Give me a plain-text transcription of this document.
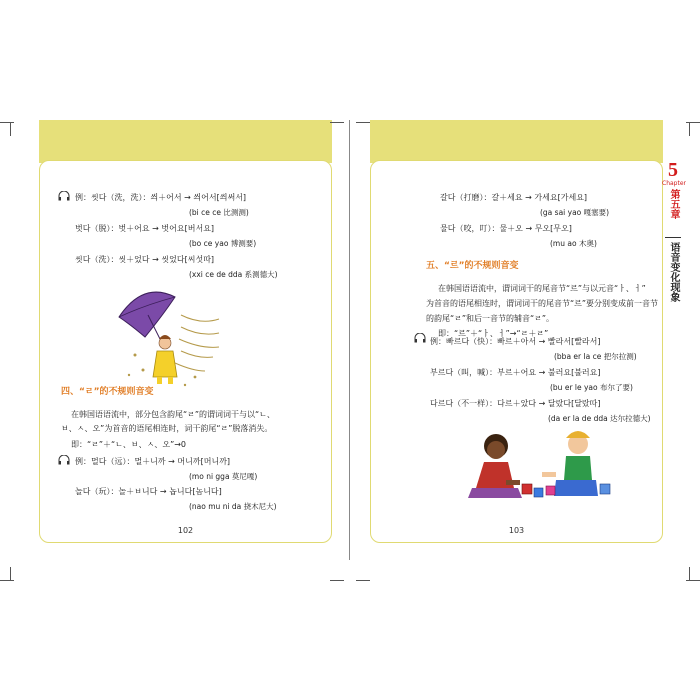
例：씻다（洗，洗）：씌＋어서 → 씌어서[씌써서]
(bi ce ce 比测测)
벗다（脱）：벗＋어요 → 벗어요[버서요]
(bo ce yao 博测要)
씻다（洗）：씻＋었다 → 씻었다[씨섯따]
(xxi ce de dda 系测德大)
四、“ㄹ”的不规则音变
在韩国语语流中，部分包含韵尾“ㄹ”的谓词词干与以“ㄴ、
ㅂ、ㅅ、오”为首音的语尾相连时，词干韵尾“ㄹ”脱落消失。
即：“ㄹ”＋“ㄴ、ㅂ、ㅅ、오”→0
例：멀다（远）：멀＋니까 → 머니까[머니까]
(mo ni gga 莫尼嘎)
놀다（玩）：놀＋ㅂ니다 → 놉니다[놈니다]
(nao mu ni da 挠木尼大)
102
갈다（打磨）：갈＋세요 → 가세요[가세요]
(ga sai yao 嘎塞要)
물다（咬，叮）：물＋오 → 무오[무오]
(mu ao 木奥)
五、“르”的不规则音变
在韩国语语流中，谓词词干的尾音节“르”与以元音“ㅏ、ㅓ”
为首音的语尾相连时，谓词词干的尾音节“르”要分别变成前一音节
的韵尾“ㄹ”和后一音节的辅音“ㄹ”。
即：“르”＋“ㅏ、ㅓ”→“ㄹ＋ㄹ”
例：빠르다（快）：빠르＋아서 → 빨라서[빨라서]
(bba er la ce 把尔拉测)
부르다（叫，喊）：부르＋어요 → 불러요[불러요]
(bu er le yao 布尔了要)
다르다（不一样）：다르＋았다 → 달랐다[달랐따]
(da er la de dda 达尔拉德大)
103
5
Chapter
第五章
语音变化现象
